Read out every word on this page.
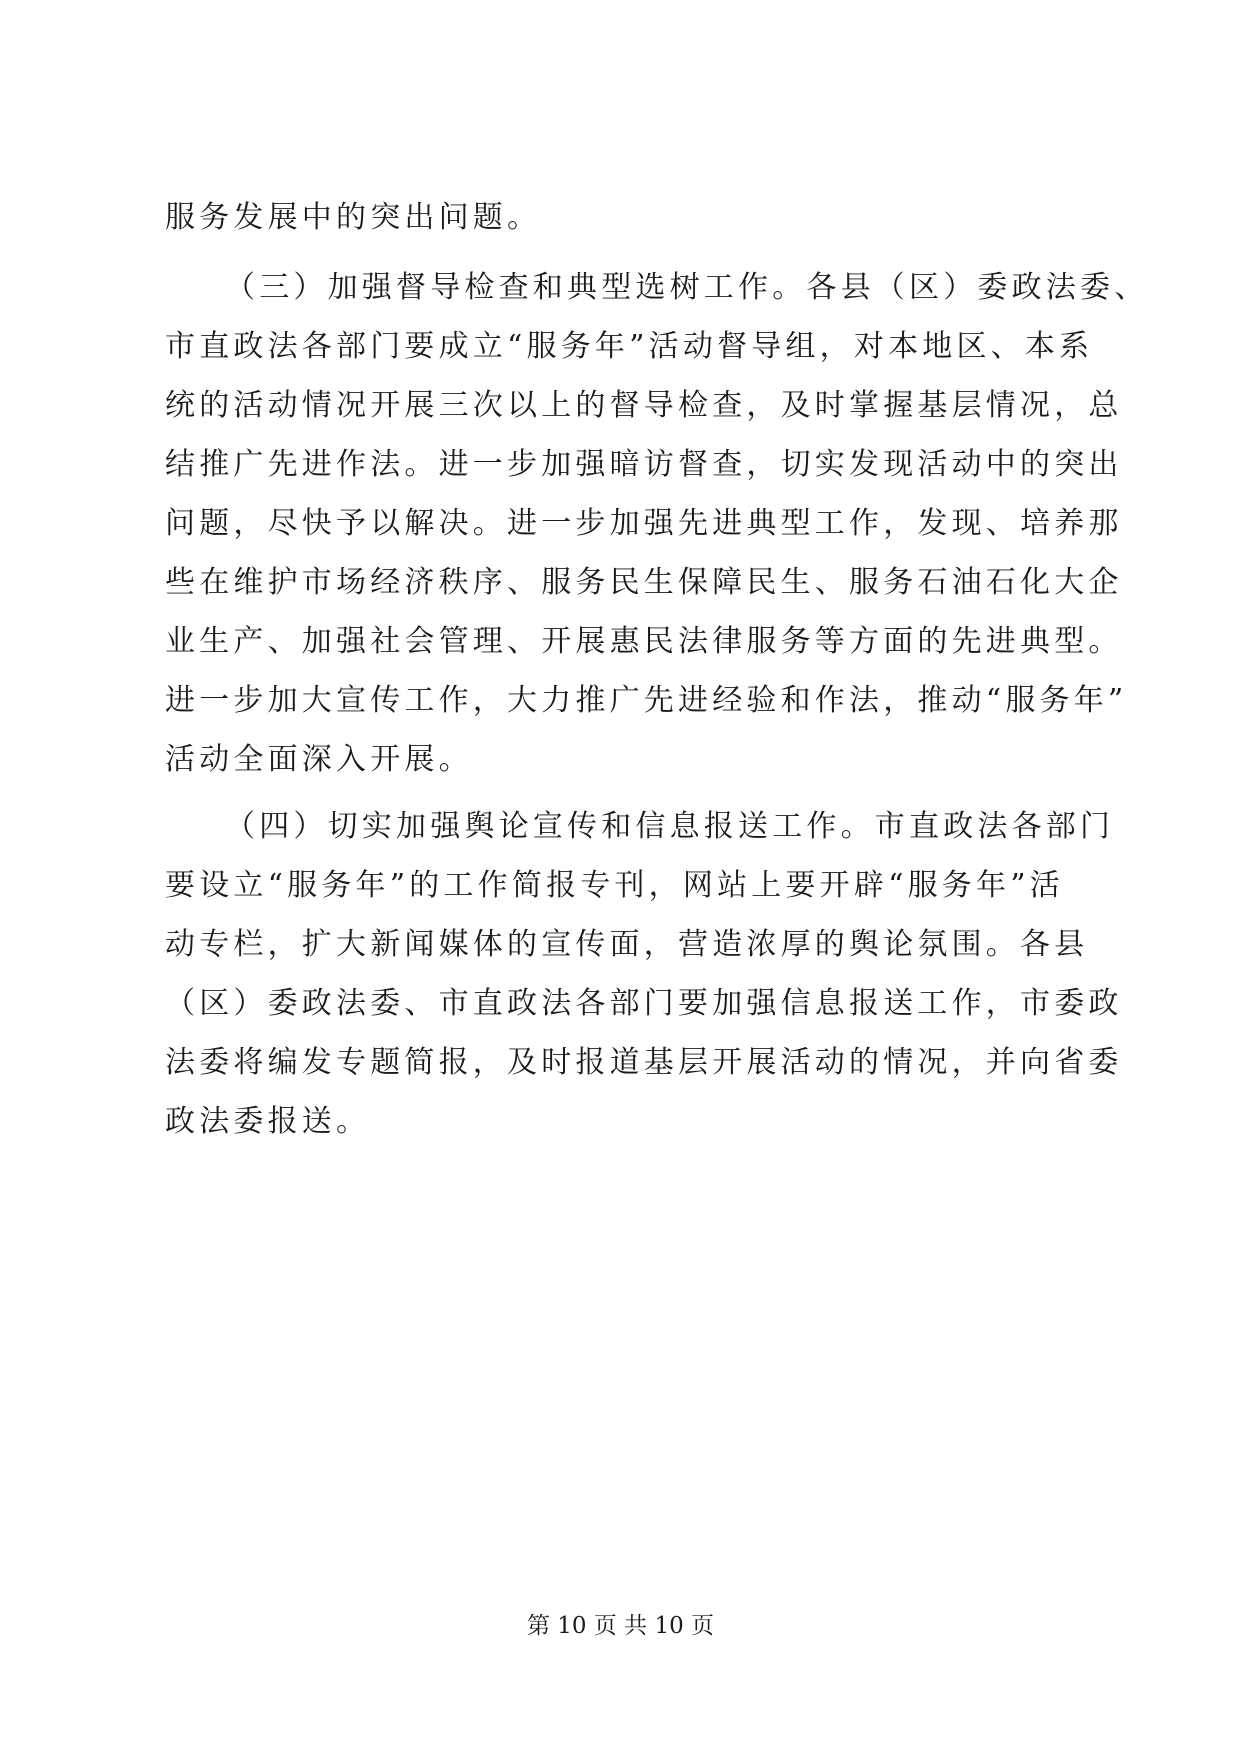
服务发展中的突出问题。
（三）加强督导检查和典型选树工作。各县（区）委政法委、
市直政法各部门要成立“服务年”活动督导组，对本地区、本系
统的活动情况开展三次以上的督导检查，及时掌握基层情况，总
结推广先进作法。进一步加强暗访督查，切实发现活动中的突出
问题，尽快予以解决。进一步加强先进典型工作，发现、培养那
些在维护市场经济秩序、服务民生保障民生、服务石油石化大企
业生产、加强社会管理、开展惠民法律服务等方面的先进典型。
进一步加大宣传工作，大力推广先进经验和作法，推动“服务年”
活动全面深入开展。
（四）切实加强舆论宣传和信息报送工作。市直政法各部门
要设立“服务年”的工作简报专刊，网站上要开辟“服务年”活
动专栏，扩大新闻媒体的宣传面，营造浓厚的舆论氛围。各县
（区）委政法委、市直政法各部门要加强信息报送工作，市委政
法委将编发专题简报，及时报道基层开展活动的情况，并向省委
政法委报送。
第 10 页 共 10 页
